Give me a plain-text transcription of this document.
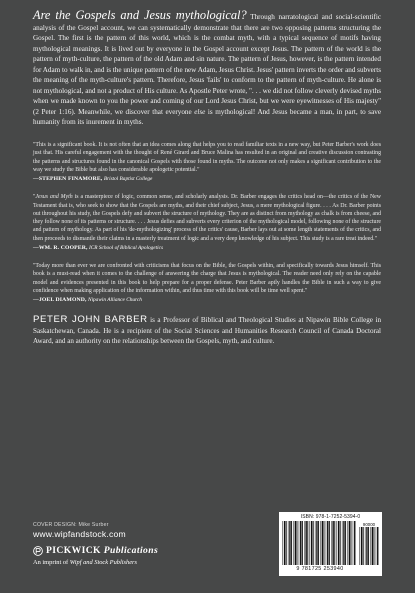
Are the Gospels and Jesus mythological? Through narratological and social-scientific analysis of the Gospel account, we can systematically demonstrate that there are two opposing patterns structuring the Gospel. The first is the pattern of this world, which is the combat myth, with a typical sequence of motifs having mythological meanings. It is lived out by everyone in the Gospel account except Jesus. The pattern of the world is the pattern of myth-culture, the pattern of the old Adam and sin nature. The pattern of Jesus, however, is the pattern intended for Adam to walk in, and is the unique pattern of the new Adam, Jesus Christ. Jesus' pattern inverts the order and subverts the meaning of the myth-culture's pattern. Therefore, Jesus 'fails' to conform to the pattern of myth-culture. He alone is not mythological, and not a product of His culture. As Apostle Peter wrote, ". . . we did not follow cleverly devised myths when we made known to you the power and coming of our Lord Jesus Christ, but we were eyewitnesses of His majesty" (2 Peter 1:16). Meanwhile, we discover that everyone else is mythological! And Jesus became a man, in part, to save humanity from its inurement in myths.

"This is a significant book. It is not often that an idea comes along that helps you to read familiar texts in a new way, but Peter Barber's work does just that. His careful engagement with the thought of René Girard and Bruce Malina has resulted in an original and creative discussion contrasting the patterns and structures found in the canonical Gospels with those found in myths. The outcome not only makes a significant contribution to the way we study the Bible but also has considerable apologetic potential."

—STEPHEN FINAMORE, Bristol Baptist College

"Jesus and Myth is a masterpiece of logic, common sense, and scholarly analysis. Dr. Barber engages the critics head on—the critics of the New Testament that is, who seek to show that the Gospels are myths, and their chief subject, Jesus, a mere mythological figure. . . . As Dr. Barber points out throughout his study, the Gospels defy and subvert the structure of mythology. They are as distinct from mythology as chalk is from cheese, and they follow none of its patterns or structure. . . . Jesus defies and subverts every criterion of the mythological model, following none of the structure and pattern of mythology. As part of his 'de-mythologizing' process of the critics' cause, Barber lays out at some length statements of the critics, and then proceeds to dismantle their claims in a masterly treatment of logic and a very deep knowledge of his subject. This study is a rare treat indeed."

—WM. R. COOPER, ICR School of Biblical Apologetics

"Today more than ever we are confronted with criticisms that focus on the Bible, the Gospels within, and specifically towards Jesus himself. This book is a must-read when it comes to the challenge of answering the charge that Jesus is mythological. The reader need only rely on the capable model and evidences presented in this book to help prepare for a proper defense. Peter Barber aptly handles the Bible in such a way to give confidence when making application of the information within, and thus time with this book will be time well spent."

—JOEL DIAMOND, Nipawin Alliance Church

PETER JOHN BARBER is a Professor of Biblical and Theological Studies at Nipawin Bible College in Saskatchewan, Canada. He is a recipient of the Social Sciences and Humanities Research Council of Canada Doctoral Award, and an authority on the relationships between the Gospels, myth, and culture.

COVER DESIGN: Mike Surber
www.wipfandstock.com
PICKWICK Publications
An imprint of Wipf and Stock Publishers
ISBN: 978-1-7252-5394-0
90000
9 781725 253940
